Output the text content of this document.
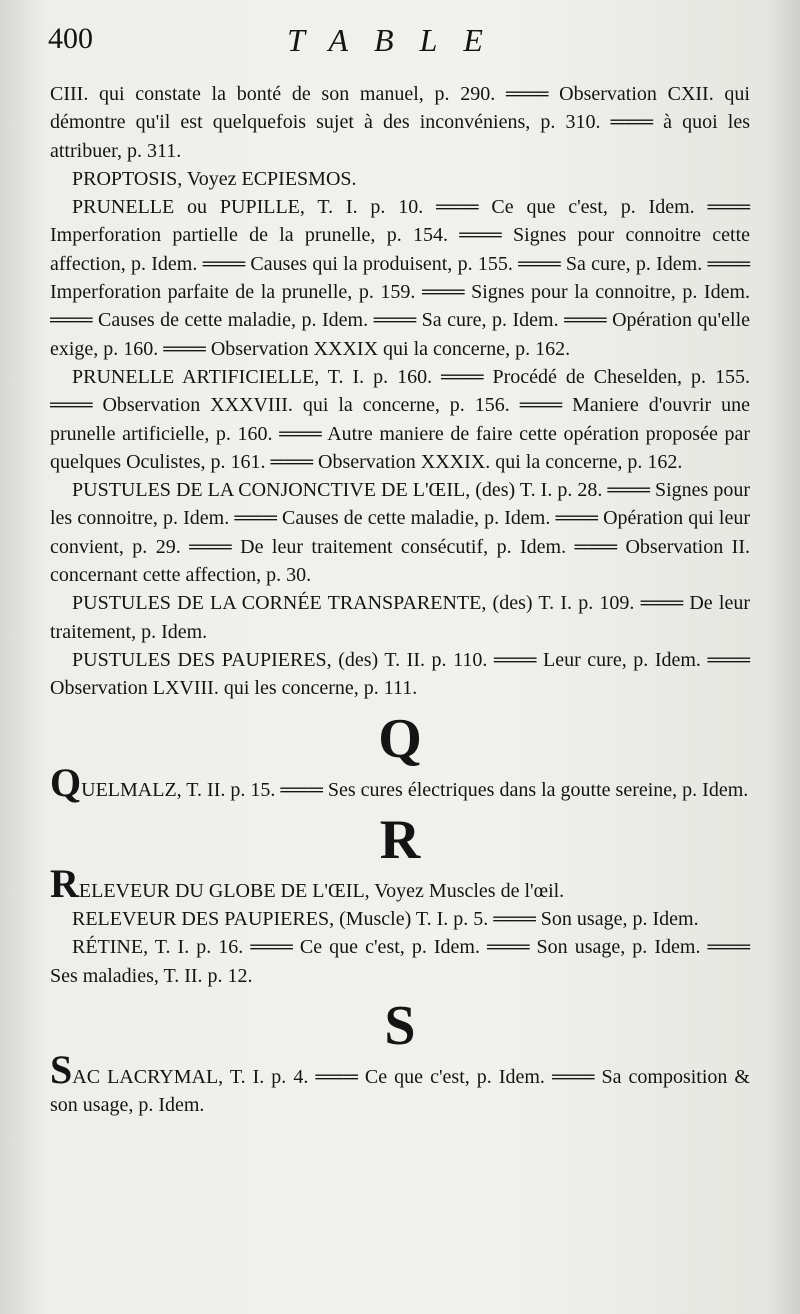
400	TABLE

CIII. qui constate la bonté de son manuel, p. 290. ═══ Observation CXII. qui démontre qu'il est quelquefois sujet à des inconvéniens, p. 310. ═══ à quoi les attribuer, p. 311.

PROPTOSIS, Voyez ECPIESMOS.

PRUNELLE ou PUPILLE, T. I. p. 10. ═══ Ce que c'est, p. Idem. ═══ Imperforation partielle de la prunelle, p. 154. ═══ Signes pour connoitre cette affection, p. Idem. ═══ Causes qui la produisent, p. 155. ═══ Sa cure, p. Idem. ═══ Imperforation parfaite de la prunelle, p. 159. ═══ Signes pour la connoitre, p. Idem. ═══ Causes de cette maladie, p. Idem. ═══ Sa cure, p. Idem. ═══ Opération qu'elle exige, p. 160. ═══ Observation XXXIX qui la concerne, p. 162.

PRUNELLE ARTIFICIELLE, T. I. p. 160. ═══ Procédé de Cheselden, p. 155. ═══ Observation XXXVIII. qui la concerne, p. 156. ═══ Maniere d'ouvrir une prunelle artificielle, p. 160. ═══ Autre maniere de faire cette opération proposée par quelques Oculistes, p. 161. ═══ Observation XXXIX. qui la concerne, p. 162.

PUSTULES DE LA CONJONCTIVE DE L'ŒIL, (des) T. I. p. 28. ═══ Signes pour les connoitre, p. Idem. ═══ Causes de cette maladie, p. Idem. ═══ Opération qui leur convient, p. 29. ═══ De leur traitement consécutif, p. Idem. ═══ Observation II. concernant cette affection, p. 30.

PUSTULES DE LA CORNÉE TRANSPARENTE, (des) T. I. p. 109. ═══ De leur traitement, p. Idem.

PUSTULES DES PAUPIERES, (des) T. II. p. 110. ═══ Leur cure, p. Idem. ═══ Observation LXVIII. qui les concerne, p. 111.

Q

QUELMALZ, T. II. p. 15. ═══ Ses cures électriques dans la goutte sereine, p. Idem.

R

RELEVEUR DU GLOBE DE L'ŒIL, Voyez Muscles de l'œil.

RELEVEUR DES PAUPIERES, (Muscle) T. I. p. 5. ═══ Son usage, p. Idem.

RÉTINE, T. I. p. 16. ═══ Ce que c'est, p. Idem. ═══ Son usage, p. Idem. ═══ Ses maladies, T. II. p. 12.

S

SAC LACRYMAL, T. I. p. 4. ═══ Ce que c'est, p. Idem. ═══ Sa composition & son usage, p. Idem.
